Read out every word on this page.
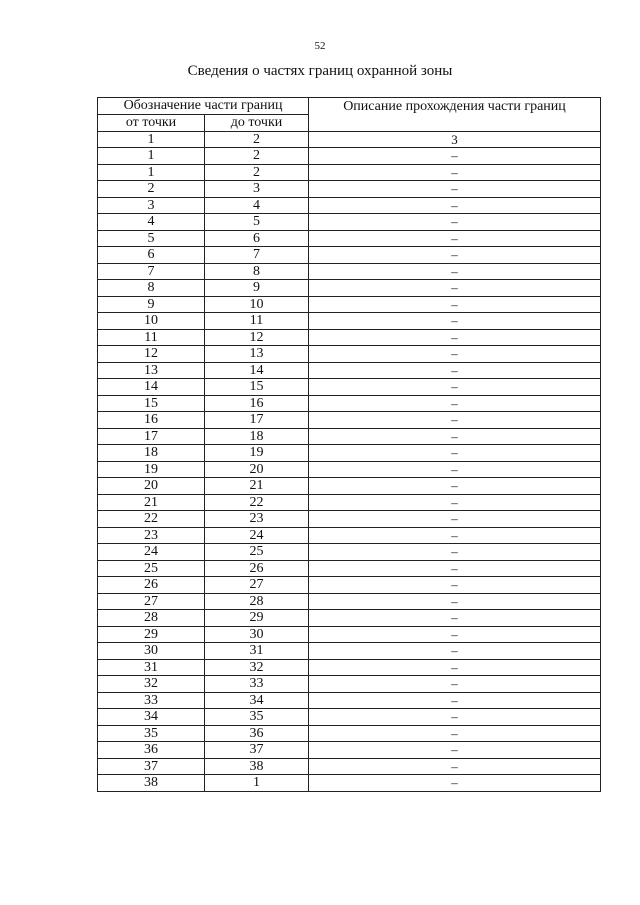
52
Сведения о частях границ охранной зоны
Обозначение части границ		Описание прохождения части границ
от точки	до точки	
1	2	3
1	2	–
1	2	–
2	3	–
3	4	–
4	5	–
5	6	–
6	7	–
7	8	–
8	9	–
9	10	–
10	11	–
11	12	–
12	13	–
13	14	–
14	15	–
15	16	–
16	17	–
17	18	–
18	19	–
19	20	–
20	21	–
21	22	–
22	23	–
23	24	–
24	25	–
25	26	–
26	27	–
27	28	–
28	29	–
29	30	–
30	31	–
31	32	–
32	33	–
33	34	–
34	35	–
35	36	–
36	37	–
37	38	–
38	1	–
